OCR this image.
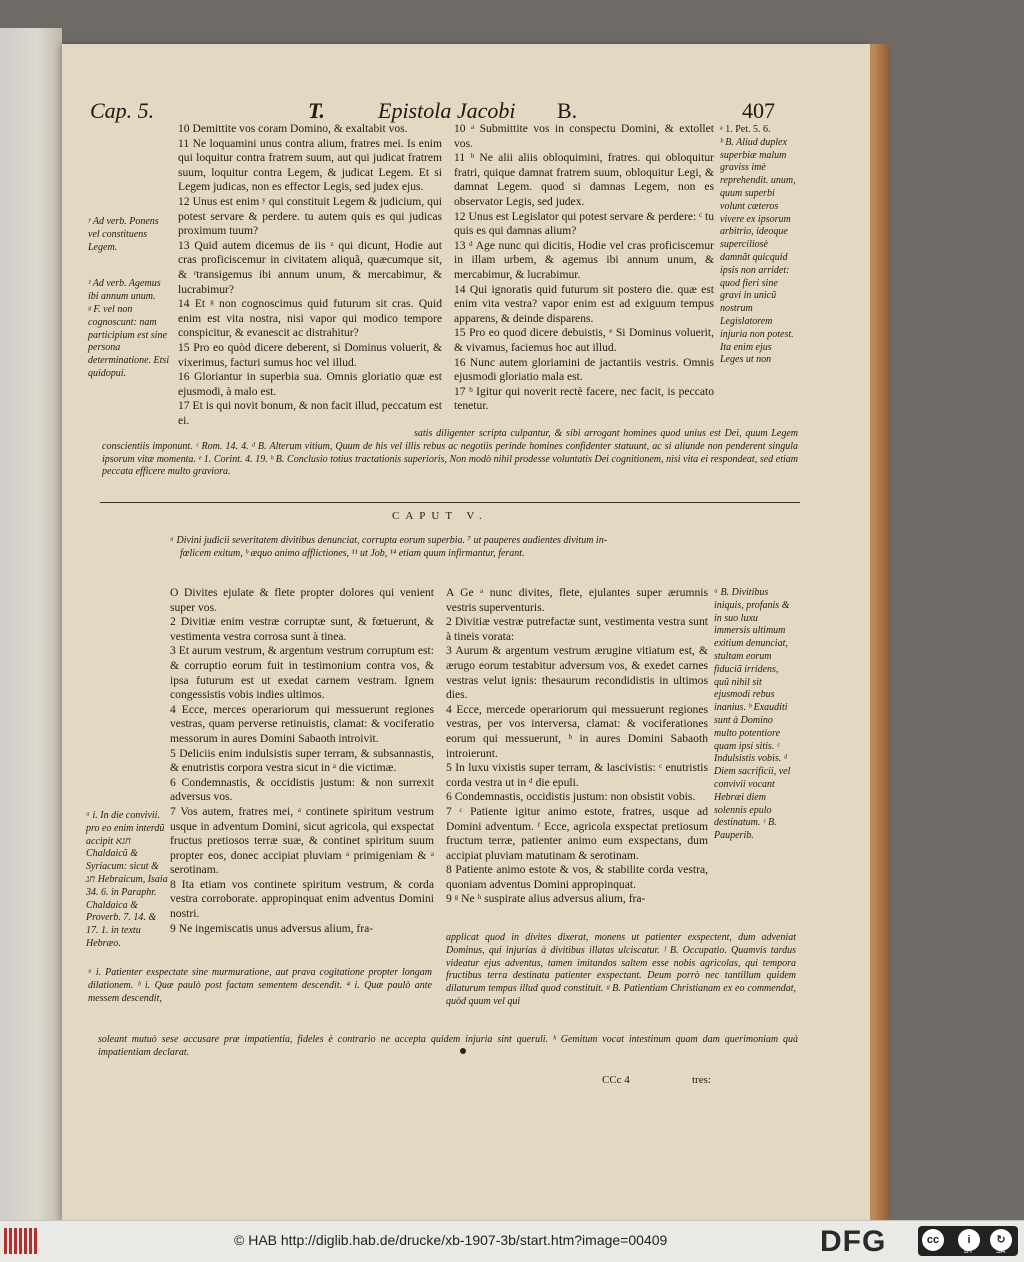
Cap. 5.	T. Epistola Jacobi B.	407

ʸ Ad verb. Ponens vel constituens Legem.

ᶻ Ad verb. Agemus ibi annum unum.

ᵍ F. vel non cognoscunt: nam participium est sine persona determinatione. Etsi quidopui.

10 Demittite vos coram Domino, & exaltabit vos.

11 Ne loquamini unus contra alium, fratres mei. Is enim qui loquitur contra fratrem suum, aut qui judicat fratrem suum, loquitur contra Legem, & judicat Legem. Et si Legem judicas, non es effector Legis, sed judex ejus.

12 Unus est enim ʸ qui constituit Legem & judicium, qui potest servare & perdere. tu autem quis es qui judicas proximum tuum?

13 Quid autem dicemus de iis ᶻ qui dicunt, Hodie aut cras proficiscemur in civitatem aliquã, quæcumque sit, & ʳtransigemus ibi annum unum, & mercabimur, & lucrabimur?

14 Et ᵍ non cognoscimus quid futurum sit cras. Quid enim est vita nostra, nisi vapor qui modico tempore conspicitur, & evanescit ac distrahitur?

15 Pro eo quòd dicere deberent, si Dominus voluerit, & vixerimus, facturi sumus hoc vel illud.

16 Gloriantur in superbia sua. Omnis gloriatio quæ est ejusmodi, à malo est.

17 Et is qui novit bonum, & non facit illud, peccatum est ei.

10 ᵃ Submittite vos in conspectu Domini, & extollet vos.

11 ᵇ Ne alii aliis obloquimini, fratres. qui obloquitur fratri, quique damnat fratrem suum, obloquitur Legi, & damnat Legem. quod si damnas Legem, non es observator Legis, sed judex.

12 Unus est Legislator qui potest servare & perdere: ᶜ tu quis es qui damnas alium?

13 ᵈ Age nunc qui dicitis, Hodie vel cras proficiscemur in illam urbem, & agemus ibi annum unum, & mercabimur, & lucrabimur.

14 Qui ignoratis quid futurum sit postero die. quæ est enim vita vestra? vapor enim est ad exiguum tempus apparens, & deinde disparens.

15 Pro eo quod dicere debuistis, ᵉ Si Dominus voluerit, & vivamus, faciemus hoc aut illud.

16 Nunc autem gloriamini de jactantiis vestris. Omnis ejusmodi gloriatio mala est.

17 ᵇ Igitur qui noverit rectè facere, nec facit, is peccato tenetur.

ᵃ 1. Pet. 5. 6.

ᵇ B. Aliud duplex superbiæ malum graviss imè reprehendit. unum, quum superbi volunt cæteros vivere ex ipsorum arbitrio, ideoque superciliosè damnãt quicquid ipsis non arridet: quod fieri sine gravi in unicũ nostrum Legislatorem injuria non potest. Ita enim ejus Leges ut non

satis diligenter scripta culpantur, & sibi arrogant homines quod unius est Dei, quum Legem conscientiis imponunt. ᶜ Rom. 14. 4. ᵈ B. Alterum vitium, Quum de his vel illis rebus ac negotiis perinde homines confidenter statuunt, ac si aliunde non penderent singula ipsorum vitæ momenta. ᵉ 1. Corint. 4. 19. ʰ B. Conclusio totius tractationis superioris, Non modò nihil prodesse voluntatis Dei cognitionem, nisi vita ei respondeat, sed etiam peccata efficere multo graviora.
CAPUT V.
ᵃ Divini judicii severitatem divitibus denunciat, corrupta eorum superbia. ⁷ ut pauperes audientes divitum in-
fœlicem exitum, ᵇ æquo animo afflictiones, ¹¹ ut Job, ¹⁴ etiam quum infirmantur, ferant.
ᵃ i. In die convivii. pro eo enim interdũ accipit ‏חגא‏ Chaldaicũ & Syriacum: sicut & ‏חג‏ Hebraicum, Isaia 34. 6. in Paraphr. Chaldaica & Proverb. 7. 14. & 17. 1. in textu Hebræo.

O Divites ejulate & flete propter dolores qui venient super vos.

2 Divitiæ enim vestræ corruptæ sunt, & fœtuerunt, & vestimenta vestra corrosa sunt à tinea.

3 Et aurum vestrum, & argentum vestrum corruptum est: & corruptio eorum fuit in testimonium contra vos, & ipsa futurum est ut exedat carnem vestram. Ignem congessistis vobis indies ultimos.

4 Ecce, merces operariorum qui messuerunt regiones vestras, quam perverse retinuistis, clamat: & vociferatio messorum in aures Domini Sabaoth introivit.

5 Deliciis enim indulsistis super terram, & subsannastis, & enutristis corpora vestra sicut in ᵃ die victimæ.

6 Condemnastis, & occidistis justum: & non surrexit adversus vos.

7 Vos autem, fratres mei, ᵃ continete spiritum vestrum usque in adventum Domini, sicut agricola, qui exspectat fructus pretiosos terræ suæ, & continet spiritum suum propter eos, donec accipiat pluviam ᵃ primigeniam & ᵃ serotinam.

8 Ita etiam vos continete spiritum vestrum, & corda vestra corroborate. appropinquat enim adventus Domini nostri.

9 Ne ingemiscatis unus adversus alium, fra-

A Ge ᵃ nunc divites, flete, ejulantes super ærumnis vestris superventuris.

2 Divitiæ vestræ putrefactæ sunt, vestimenta vestra sunt à tineis vorata:

3 Aurum & argentum vestrum ærugine vitiatum est, & ærugo eorum testabitur adversum vos, & exedet carnes vestras velut ignis: thesaurum recondidistis in ultimos dies.

4 Ecce, mercede operariorum qui messuerunt regiones vestras, per vos interversa, clamat: & vociferationes eorum qui messuerunt, ᵇ in aures Domini Sabaoth introierunt.

5 In luxu vixistis super terram, & lascivistis: ᶜ enutristis corda vestra ut in ᵈ die epuli.

6 Condemnastis, occidistis justum: non obsistit vobis.

7 ᶜ Patiente igitur animo estote, fratres, usque ad Domini adventum. ᶠ Ecce, agricola exspectat pretiosum fructum terræ, patienter animo eum exspectans, dum accipiat pluviam matutinam & serotinam.

8 Patiente animo estote & vos, & stabilite corda vestra, quoniam adventus Domini appropinquat.

9 ᵍ Ne ʰ suspirate alius adversus alium, fra-

ᵃ B. Divitibus iniquis, profanis & in suo luxu immersis ultimum exitium denunciat, stultam eorum fiduciã irridens, quũ nihil sit ejusmodi rebus inanius. ᵇ Exauditi sunt à Domino multo potentiore quam ipsi sitis. ᶜ Indulsistis vobis. ᵈ Diem sacrificii, vel convivii vocant Hebræi diem solennis epulo destinatum. ᶜ B. Pauperib.
ᵃ i. Patienter exspectate sine murmuratione, aut prava cogitatione propter longam dilationem. ᵇ i. Quæ paulò post factam sementem descendit. ⁴ i. Quæ paulò ante messem descendit,
applicat quod in divites dixerat, monens ut patienter exspectent, dum adveniat Dominus, qui injurias à divitibus illatas ulciscatur. ᶠ B. Occupatio. Quamvis tardus videatur ejus adventus, tamen imitandos saltem esse nobis agricolas, qui tempora fructibus terra destinata patienter exspectant. Deum porrò nec tantillum quidem dilaturum tempus illud quod constituit. ᵍ B. Patientiam Christianam ex eo commendat, quòd quum vel qui
soleant mutuò sese accusare præ impatientia, fideles è contrario ne accepta quidem injuria sint queruli. ʰ Gemitum vocat intestinum quam dam querimoniam quà impatientiam declarat.
CCc 4	tres:
© HAB http://diglib.hab.de/drucke/xb-1907-3b/start.htm?image=00409	DFG	cc	i	↻
BY	SA
